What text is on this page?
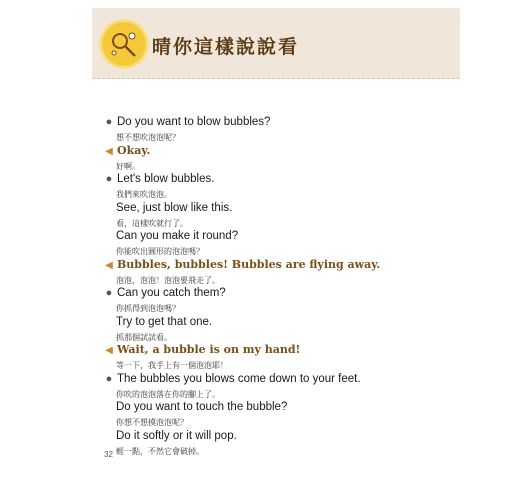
晴你這樣說說看
● Do you want to blow bubbles?
想不想吹泡泡呢？
◀ Okay.
好啊。
● Let's blow bubbles.
我們來吹泡泡。
See, just blow like this.
看，這樣吹就行了。
Can you make it round?
你能吹出圓形的泡泡嗎？
◀ Bubbles, bubbles! Bubbles are flying away.
泡泡，泡泡！泡泡要飛走了。
● Can you catch them?
你抓得到泡泡嗎？
Try to get that one.
抓那個試試看。
◀ Wait, a bubble is on my hand!
等一下，我手上有一個泡泡耶！
● The bubbles you blows come down to your feet.
你吹的泡泡落在你的腳上了。
Do you want to touch the bubble?
你想不想摸泡泡呢？
Do it softly or it will pop.
輕一點，不然它會破掉。
32
